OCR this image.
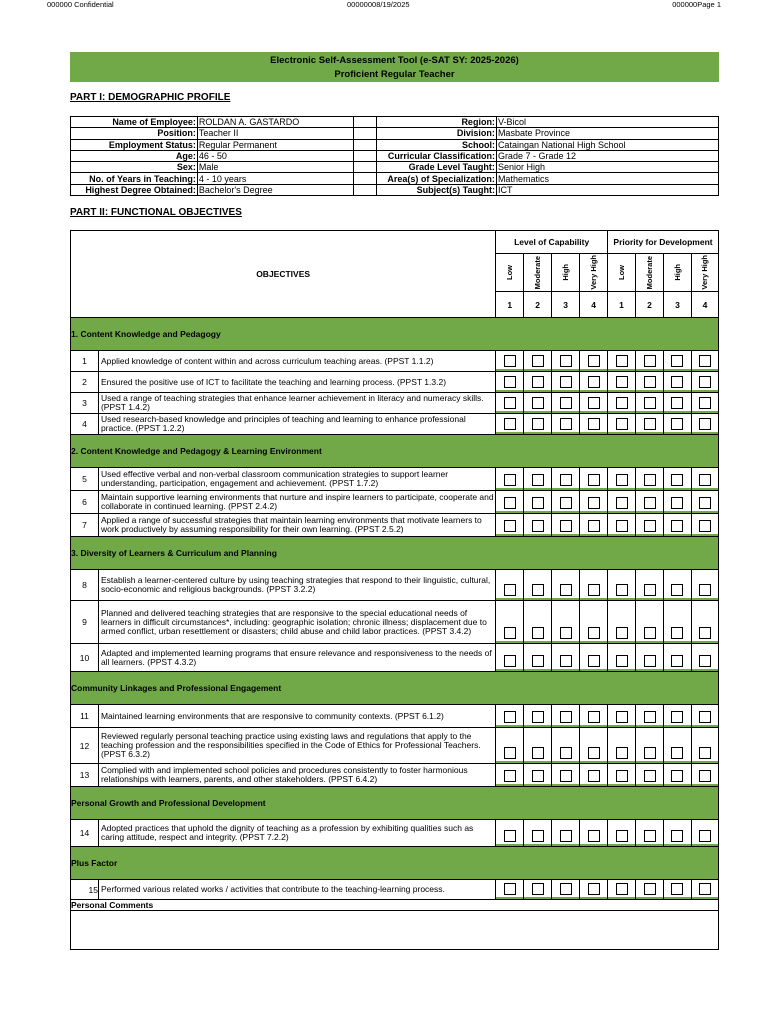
000000 Confidential	00000008/19/2025	000000Page 1
Electronic Self-Assessment Tool (e-SAT SY: 2025-2026)
Proficient Regular Teacher
PART I: DEMOGRAPHIC PROFILE
Name of Employee:	ROLDAN A. GASTARDO		Region:	V-Bicol
Position:	Teacher II		Division:	Masbate Province
Employment Status:	Regular Permanent		School:	Cataingan National High School
Age:	46 - 50		Curricular Classification:	Grade 7 - Grade 12
Sex:	Male		Grade Level Taught:	Senior High
No. of Years in Teaching:	4 - 10 years		Area(s) of Specialization:	Mathematics
Highest Degree Obtained:	Bachelor's Degree		Subject(s) Taught:	ICT
PART II: FUNCTIONAL OBJECTIVES
OBJECTIVES		Level of Capability				Priority for Development			

		Low	Moderate	High	Very High	Low	Moderate	High	Very High

		1	2	3	4	1	2	3	4
1. Content Knowledge and Pedagogy									
1	Applied knowledge of content within and across curriculum teaching areas. (PPST 1.1.2)								
2	Ensured the positive use of ICT to facilitate the teaching and learning process. (PPST 1.3.2)								
3	Used a range of teaching strategies that enhance learner achievement in literacy and numeracy skills. (PPST 1.4.2)								
4	Used research-based knowledge and principles of teaching and learning to enhance professional practice. (PPST 1.2.2)								
2. Content Knowledge and Pedagogy & Learning Environment									
5	Used effective verbal and non-verbal classroom communication strategies to support learner understanding, participation, engagement and achievement. (PPST 1.7.2)								
6	Maintain supportive learning environments that nurture and inspire learners to participate, cooperate and collaborate in continued learning. (PPST 2.4.2)								
7	Applied a range of successful strategies that maintain learning environments that motivate learners to work productively by assuming responsibility for their own learning. (PPST 2.5.2)								
3. Diversity of Learners & Curriculum and Planning									
8	Establish a learner-centered culture by using teaching strategies that respond to their linguistic, cultural, socio-economic and religious backgrounds. (PPST 3.2.2)								
9	Planned and delivered teaching strategies that are responsive to the special educational needs of learners in difficult circumstances*, including: geographic isolation; chronic illness; displacement due to armed conflict, urban resettlement or disasters; child abuse and child labor practices. (PPST 3.4.2)								
10	Adapted and implemented learning programs that ensure relevance and responsiveness to the needs of all learners. (PPST 4.3.2)								
Community Linkages and Professional Engagement									
11	Maintained learning environments that are responsive to community contexts. (PPST 6.1.2)								
12	Reviewed regularly personal teaching practice using existing laws and regulations that apply to the teaching profession and the responsibilities specified in the Code of Ethics for Professional Teachers.(PPST 6.3.2)								
13	Complied with and implemented school policies and procedures consistently to foster harmonious relationships with learners, parents, and other stakeholders. (PPST 6.4.2)								
Personal Growth and Professional Development									
14	Adopted practices that uphold the dignity of teaching as a profession by exhibiting qualities such as caring attitude, respect and integrity. (PPST 7.2.2)								
Plus Factor									
15	Performed various related works / activities that contribute to the teaching-learning process.								
Personal Comments									
